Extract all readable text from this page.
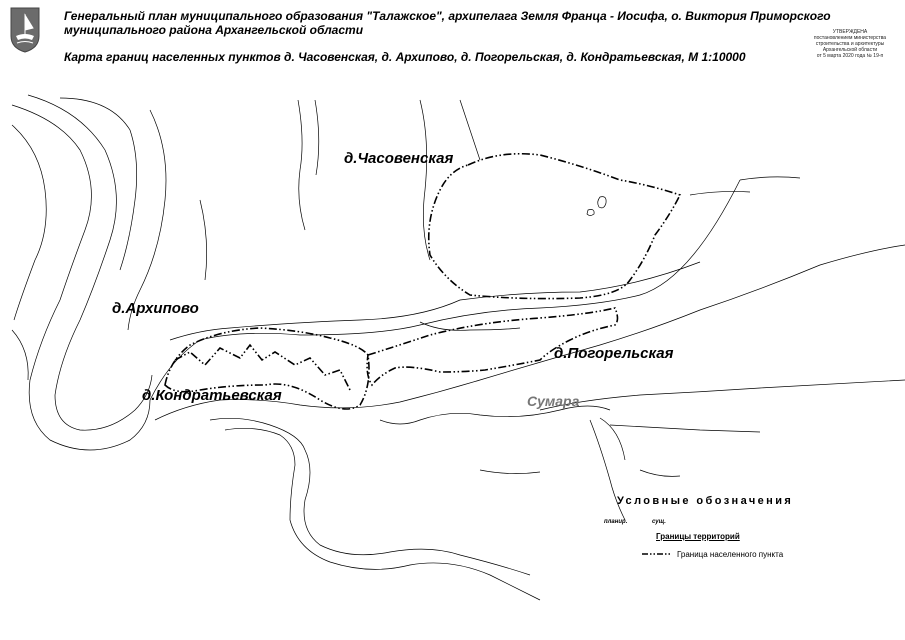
Генеральный план муниципального образования "Талажское", архипелага Земля Франца - Иосифа, о. Виктория Приморского муниципального района Архангельской области
Карта границ населенных пунктов д. Часовенская, д. Архипово, д. Погорельская, д. Кондратьевская, М 1:10000
УТВЕРЖДЕНА
постановлением министерства
строительства и архитектуры
Архангельской области
от 5 марта 2020 года № 19-п
д.Часовенская
д.Архипово
д.Погорельская
д.Кондратьевская	Сумара
Условные обозначения
планир.	сущ.
Границы территорий
Граница населенного пункта
